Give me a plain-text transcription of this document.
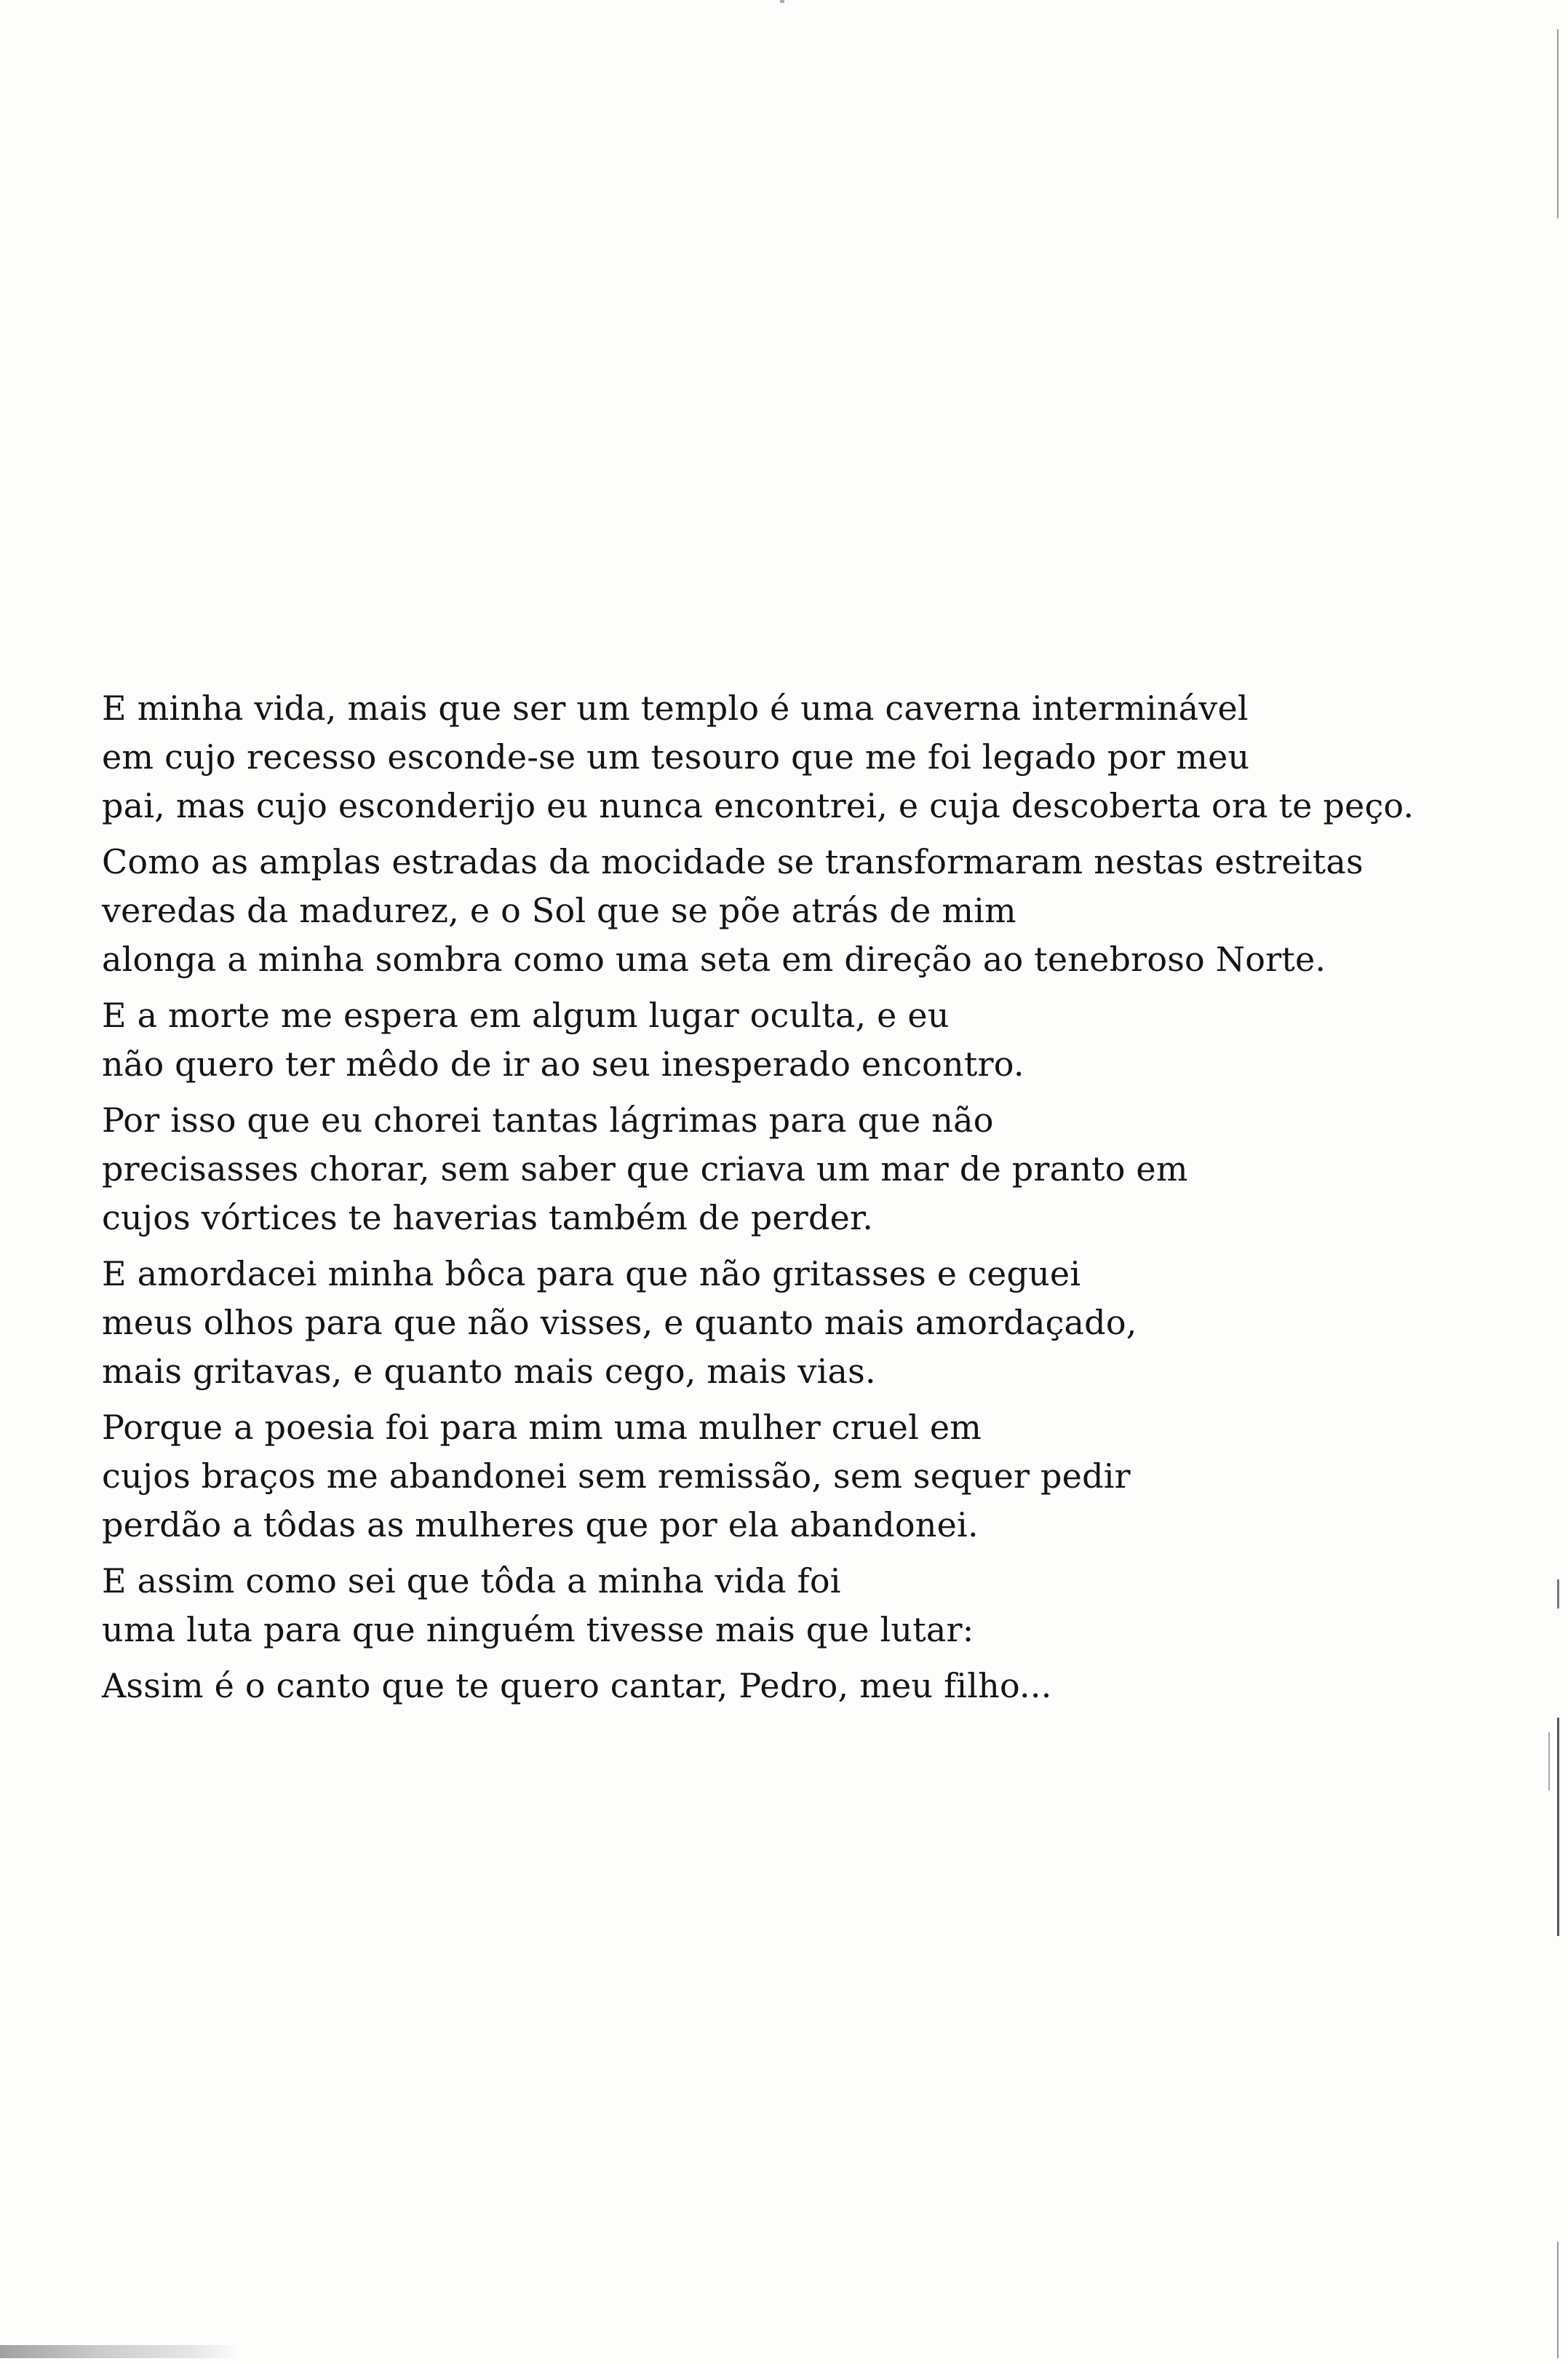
E minha vida, mais que ser um templo é uma caverna interminável
em cujo recesso esconde-se um tesouro que me foi legado por meu
pai, mas cujo esconderijo eu nunca encontrei, e cuja descoberta ora te peço.
Como as amplas estradas da mocidade se transformaram nestas estreitas
veredas da madurez, e o Sol que se põe atrás de mim
alonga a minha sombra como uma seta em direção ao tenebroso Norte.
E a morte me espera em algum lugar oculta, e eu
não quero ter mêdo de ir ao seu inesperado encontro.
Por isso que eu chorei tantas lágrimas para que não
precisasses chorar, sem saber que criava um mar de pranto em
cujos vórtices te haverias também de perder.
E amordacei minha bôca para que não gritasses e ceguei
meus olhos para que não visses, e quanto mais amordaçado,
mais gritavas, e quanto mais cego, mais vias.
Porque a poesia foi para mim uma mulher cruel em
cujos braços me abandonei sem remissão, sem sequer pedir
perdão a tôdas as mulheres que por ela abandonei.
E assim como sei que tôda a minha vida foi
uma luta para que ninguém tivesse mais que lutar:
Assim é o canto que te quero cantar, Pedro, meu filho...
